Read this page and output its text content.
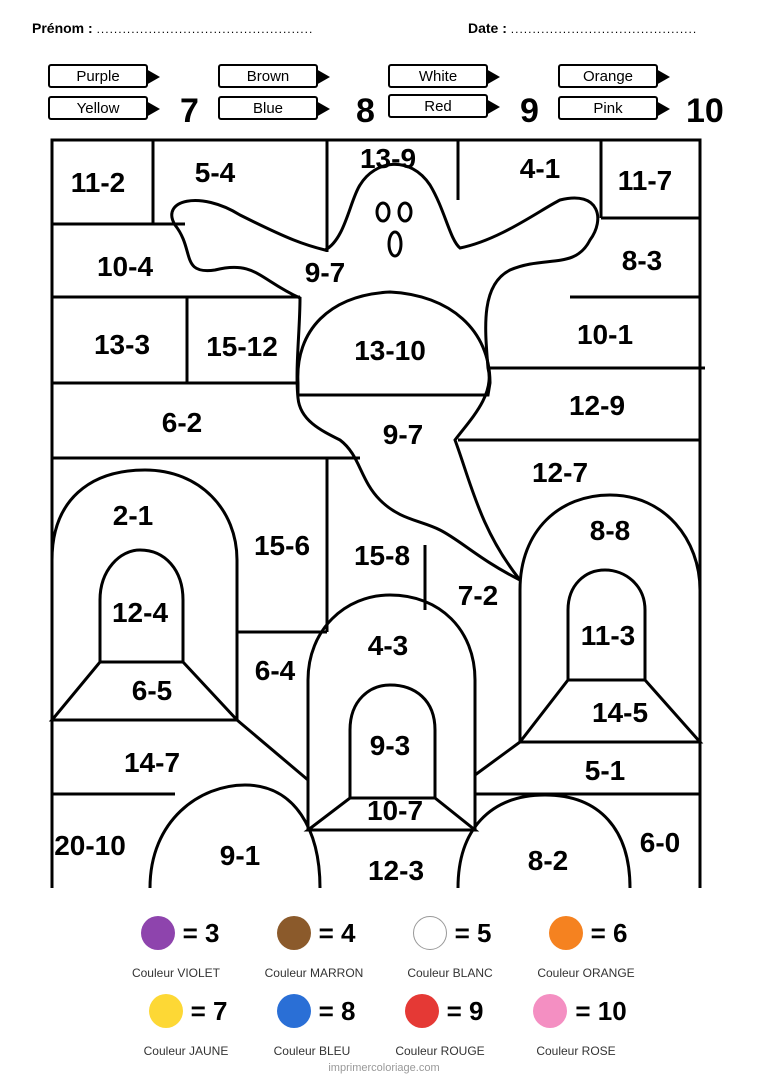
Prénom : ..................................................	Date : ...........................................
Purple	Brown	White	Orange
Yellow	7	Blue	8	Red	9	Pink	10
11-2 5-4	13-9	4-1 11-7
10-4	9-7	8-3
13-3 15-12	13-10
10-1
6-2	9-7
12-9
12-7
2-1
15-6 15-8
8-8
12-4
7-2
11-3
4-3
6-4
6-5
14-5
9-3
14-7	5-1
10-7
20-10	9-1	12-3	8-2
6-0
= 3
Couleur VIOLET
= 4
Couleur MARRON
= 5
Couleur BLANC
= 6
Couleur ORANGE
= 7
Couleur JAUNE
= 8
Couleur BLEU
= 9
Couleur ROUGE
= 10
Couleur ROSE
imprimercoloriage.com
